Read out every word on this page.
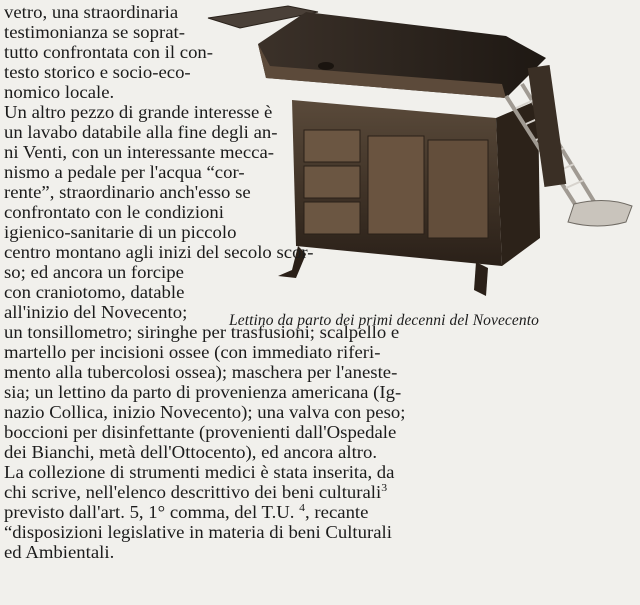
Lettino da parto dei primi decenni del Novecento
vetro, una straordinaria
testimonianza se soprat-
tutto confrontata con il con-
testo storico e socio-eco-
nomico locale.
Un altro pezzo di grande interesse è
un lavabo databile alla fine degli an-
ni Venti, con un interessante mecca-
nismo a pedale per l'acqua “cor-
rente”, straordinario anch'esso se
confrontato con le condizioni
igienico-sanitarie di un piccolo
centro montano agli inizi del secolo scor-
so; ed ancora un forcipe
con craniotomo, datable
all'inizio del Novecento;
un tonsillometro; siringhe per trasfusioni; scalpello e
martello per incisioni ossee (con immediato riferi-
mento alla tubercolosi ossea); maschera per l'aneste-
sia; un lettino da parto di provenienza americana (Ig-
nazio Collica, inizio Novecento); una valva con peso;
boccioni per disinfettante (provenienti dall'Ospedale
dei Bianchi, metà dell'Ottocento), ed ancora altro.
La collezione di strumenti medici è stata inserita, da
chi scrive, nell'elenco descrittivo dei beni culturali$^3$
previsto dall'art. 5, 1° comma, del T.U. $^4$, recante
“disposizioni legislative in materia di beni Culturali
ed Ambientali.
